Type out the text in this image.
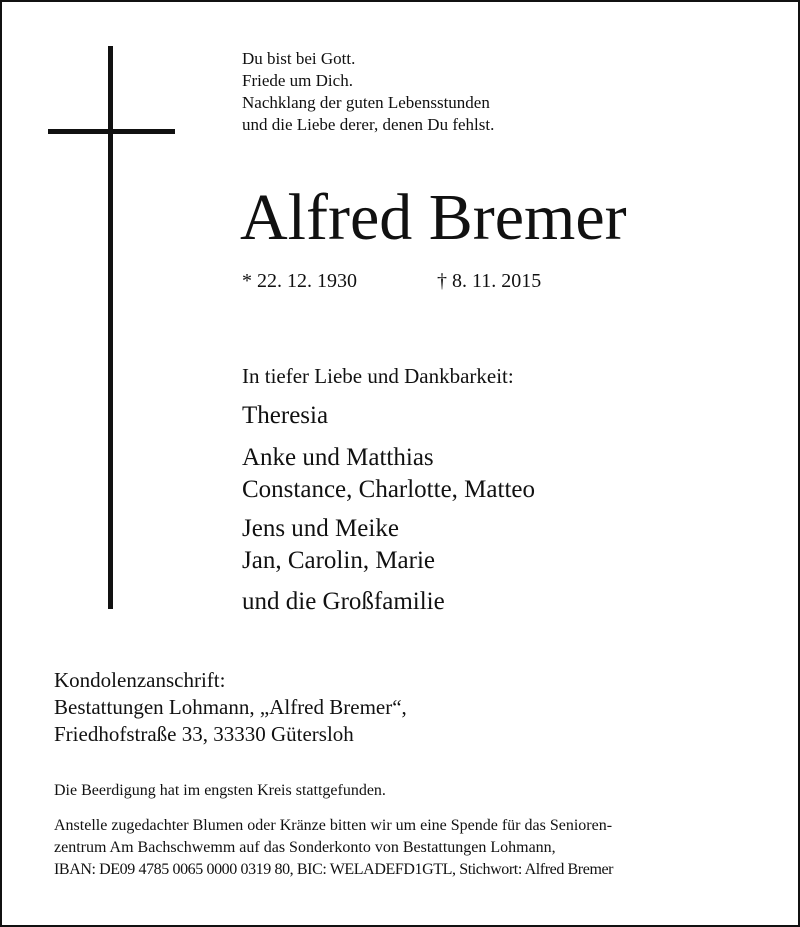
Du bist bei Gott.
Friede um Dich.
Nachklang der guten Lebensstunden
und die Liebe derer, denen Du fehlst.
Alfred Bremer
* 22. 12. 1930	† 8. 11. 2015
In tiefer Liebe und Dankbarkeit:
Theresia
Anke und Matthias
Constance, Charlotte, Matteo
Jens und Meike
Jan, Carolin, Marie
und die Großfamilie
Kondolenzanschrift:
Bestattungen Lohmann, „Alfred Bremer“,
Friedhofstraße 33, 33330 Gütersloh
Die Beerdigung hat im engsten Kreis stattgefunden.
Anstelle zugedachter Blumen oder Kränze bitten wir um eine Spende für das Senioren-
zentrum Am Bachschwemm auf das Sonderkonto von Bestattungen Lohmann,
IBAN: DE09 4785 0065 0000 0319 80, BIC: WELADEFD1GTL, Stichwort: Alfred Bremer
